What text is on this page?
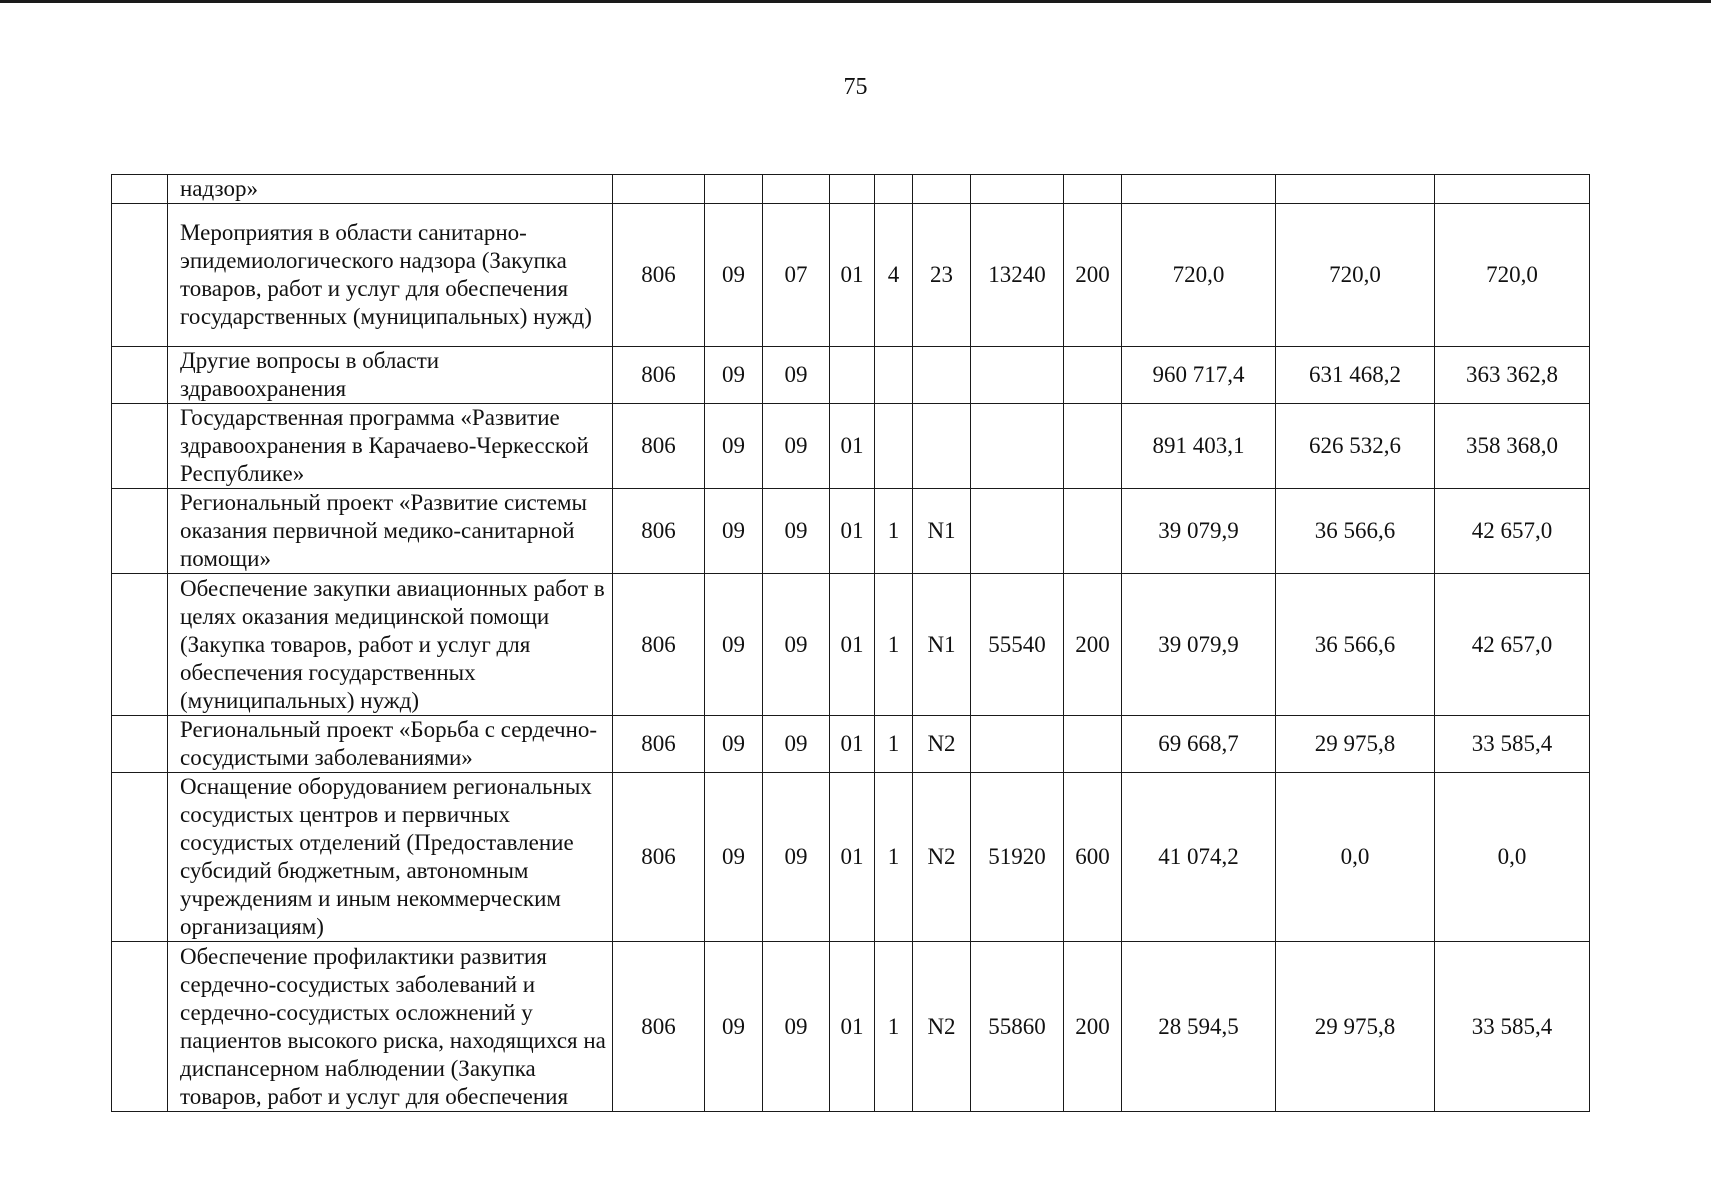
75
	надзор»											
	Мероприятия в области санитарно-эпидемиологического надзора (Закупка товаров, работ и услуг для обеспечения государственных (муниципальных) нужд)	806	09	07	01	4	23	13240	200	720,0	720,0	720,0
	Другие вопросы в области здравоохранения	806	09	09						960 717,4	631 468,2	363 362,8
	Государственная программа «Развитие здравоохранения в Карачаево-Черкесской Республике»	806	09	09	01					891 403,1	626 532,6	358 368,0
	Региональный проект «Развитие системы оказания первичной медико-санитарной помощи»	806	09	09	01	1	N1			39 079,9	36 566,6	42 657,0
	Обеспечение закупки авиационных работ в целях оказания медицинской помощи (Закупка товаров, работ и услуг для обеспечения государственных (муниципальных) нужд)	806	09	09	01	1	N1	55540	200	39 079,9	36 566,6	42 657,0
	Региональный проект «Борьба с сердечно-сосудистыми заболеваниями»	806	09	09	01	1	N2			69 668,7	29 975,8	33 585,4
	Оснащение оборудованием региональных сосудистых центров и первичных сосудистых отделений (Предоставление субсидий бюджетным, автономным учреждениям и иным некоммерческим организациям)	806	09	09	01	1	N2	51920	600	41 074,2	0,0	0,0
	Обеспечение профилактики развития сердечно-сосудистых заболеваний и сердечно-сосудистых осложнений у пациентов высокого риска, находящихся на диспансерном наблюдении (Закупка товаров, работ и услуг для обеспечения	806	09	09	01	1	N2	55860	200	28 594,5	29 975,8	33 585,4
